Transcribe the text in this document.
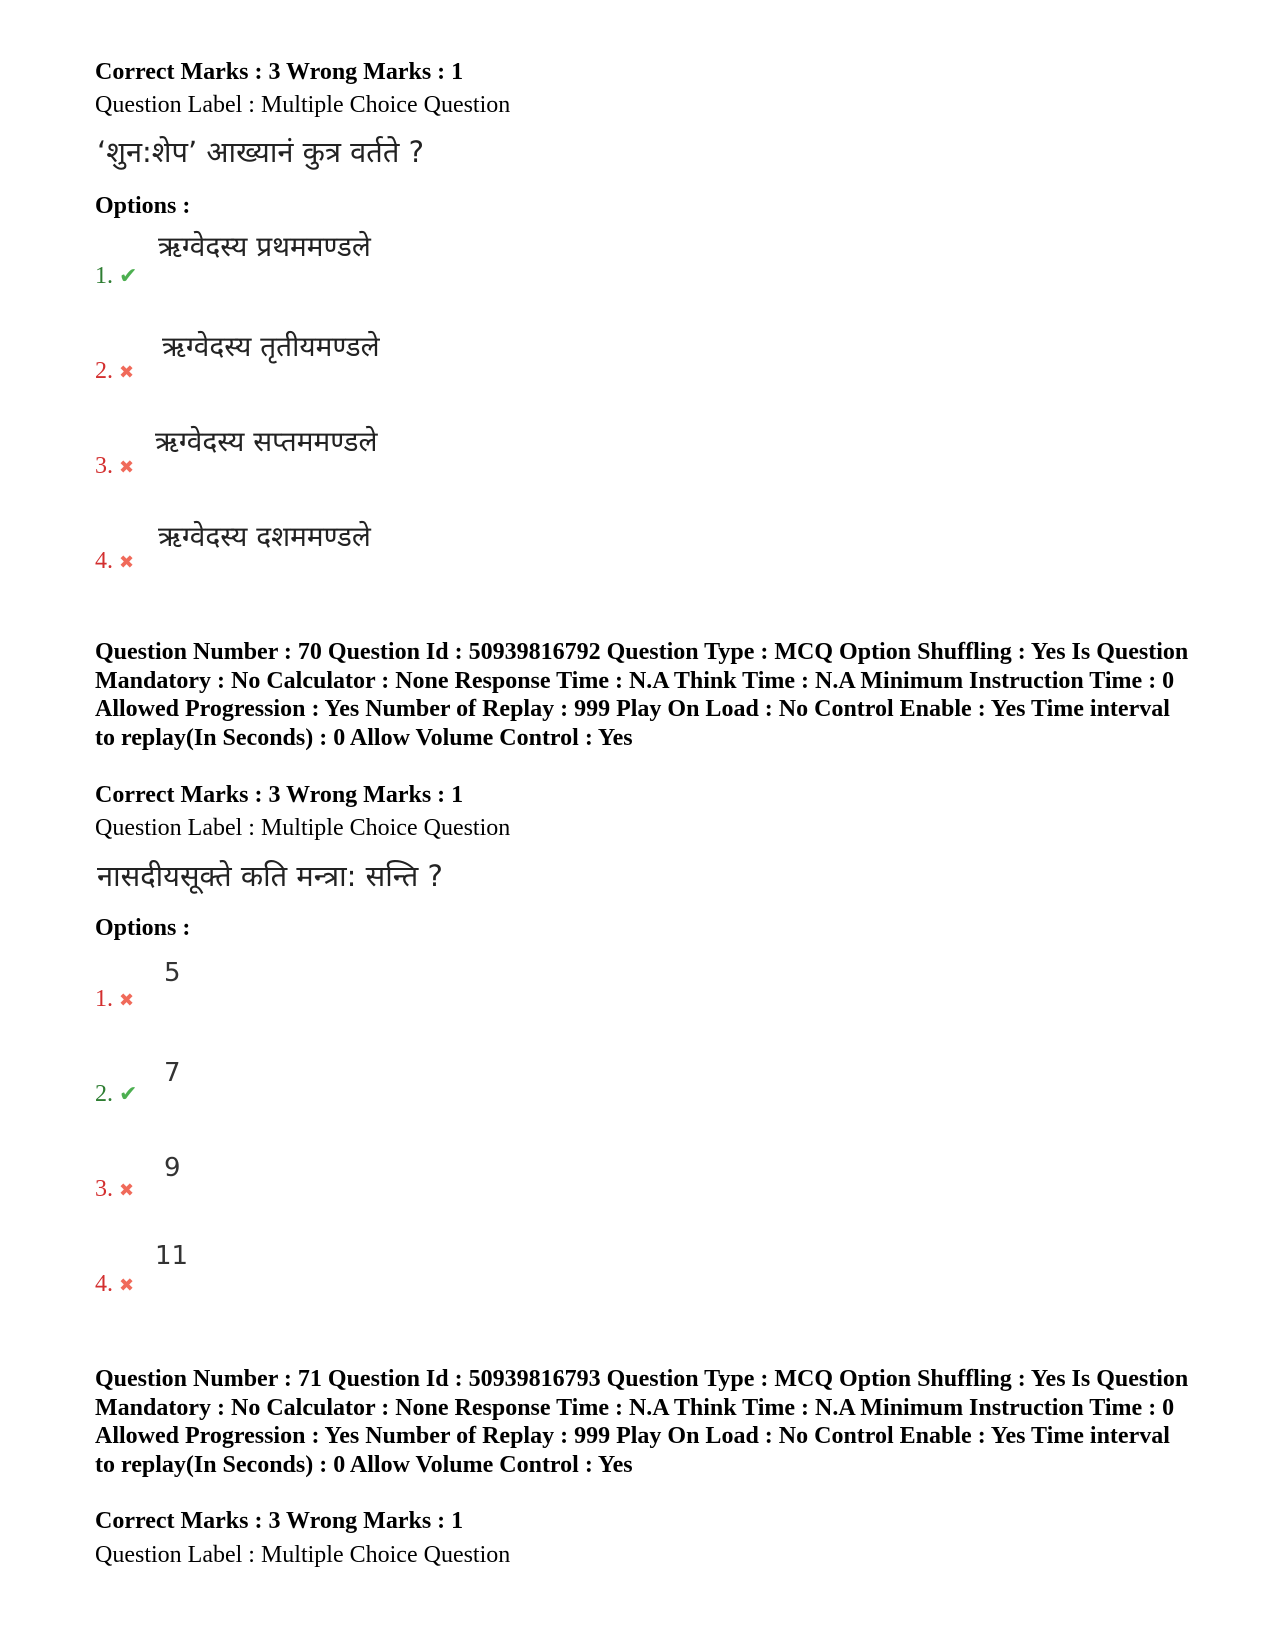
Correct Marks : 3 Wrong Marks : 1
Question Label : Multiple Choice Question
‘शुन:शेप’ आख्यानं कुत्र वर्तते ?
Options :
1. ✔
ऋग्वेदस्य प्रथममण्डले
2. ✖
ऋग्वेदस्य तृतीयमण्डले
3. ✖
ऋग्वेदस्य सप्तममण्डले
4. ✖
ऋग्वेदस्य दशममण्डले
Question Number : 70 Question Id : 50939816792 Question Type : MCQ Option Shuffling : Yes Is Question Mandatory : No Calculator : None Response Time : N.A Think Time : N.A Minimum Instruction Time : 0 Allowed Progression : Yes Number of Replay : 999 Play On Load : No Control Enable : Yes Time interval to replay(In Seconds) : 0 Allow Volume Control : Yes
Correct Marks : 3 Wrong Marks : 1
Question Label : Multiple Choice Question
नासदीयसूक्ते कति मन्त्रा: सन्ति ?
Options :
1. ✖
5
2. ✔
7
3. ✖
9
4. ✖
11
Question Number : 71 Question Id : 50939816793 Question Type : MCQ Option Shuffling : Yes Is Question Mandatory : No Calculator : None Response Time : N.A Think Time : N.A Minimum Instruction Time : 0 Allowed Progression : Yes Number of Replay : 999 Play On Load : No Control Enable : Yes Time interval to replay(In Seconds) : 0 Allow Volume Control : Yes
Correct Marks : 3 Wrong Marks : 1
Question Label : Multiple Choice Question
